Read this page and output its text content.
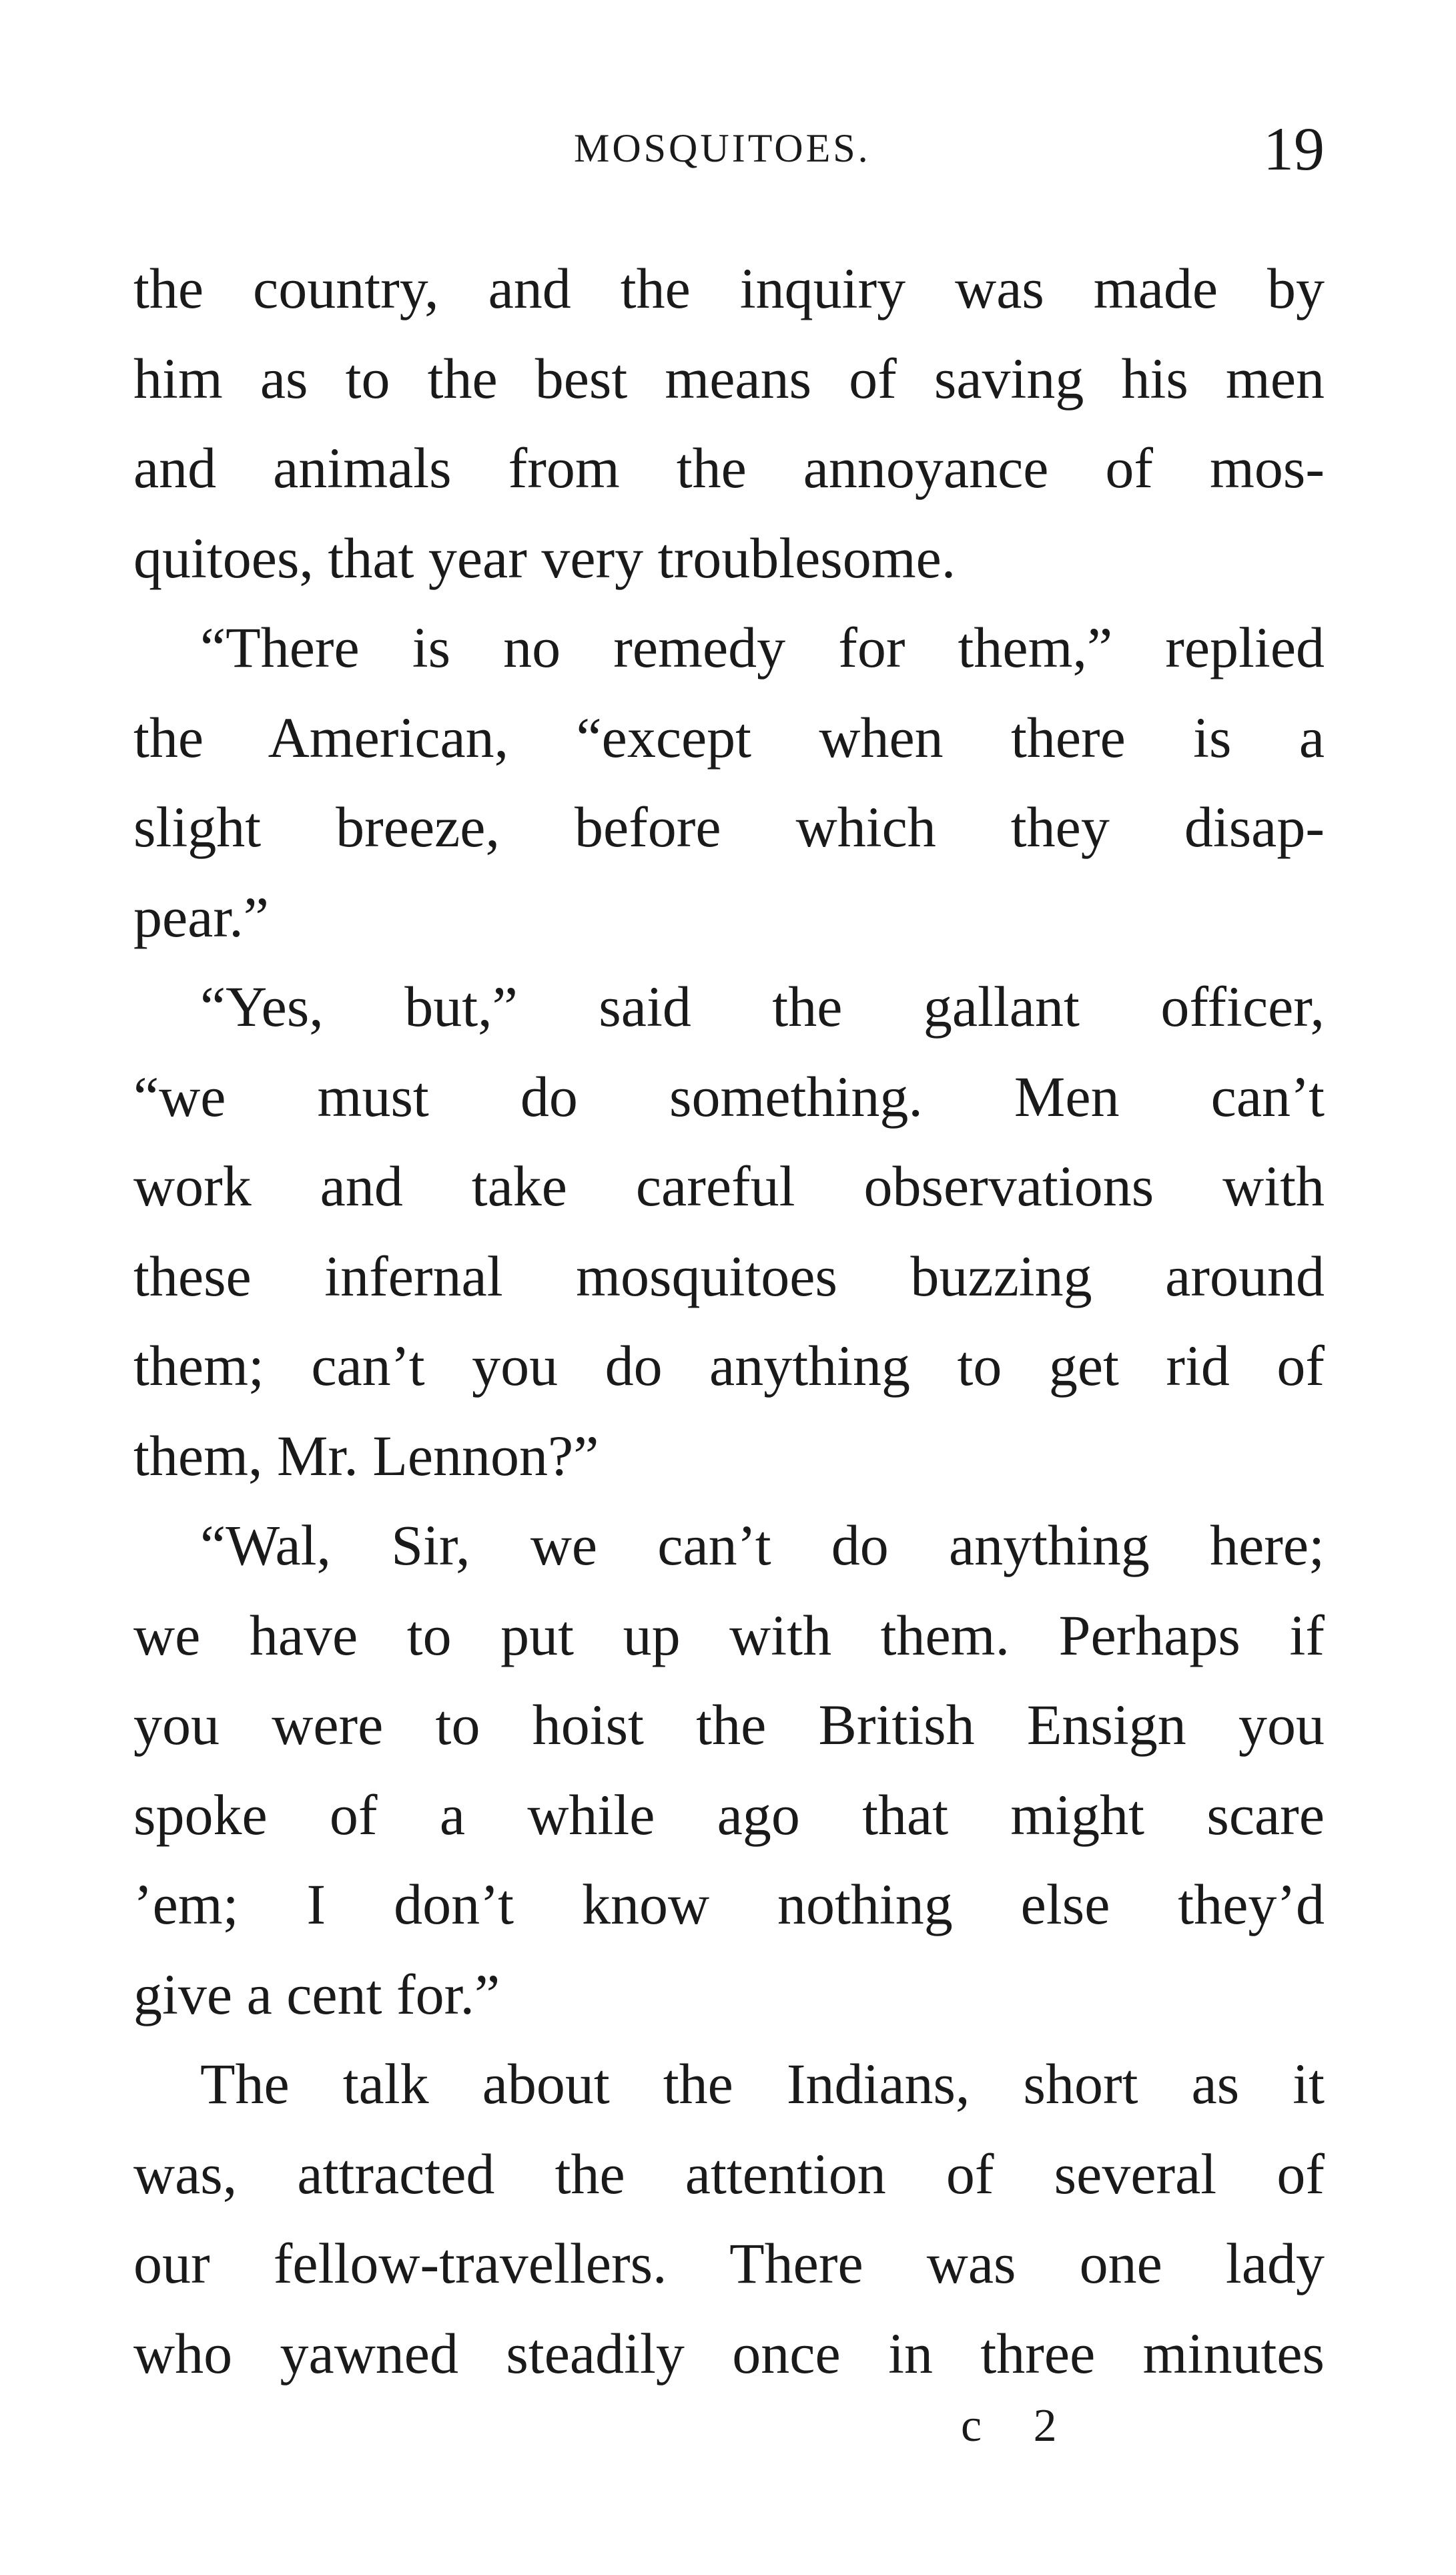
MOSQUITOES.	19
the country, and the inquiry was made by
him as to the best means of saving his men
and animals from the annoyance of mos-
quitoes, that year very troublesome.
“There is no remedy for them,” replied
the American, “except when there is a
slight breeze, before which they disap-
pear.”
“Yes, but,” said the gallant officer,
“we must do something. Men can’t
work and take careful observations with
these infernal mosquitoes buzzing around
them; can’t you do anything to get rid of
them, Mr. Lennon?”
“Wal, Sir, we can’t do anything here;
we have to put up with them. Perhaps if
you were to hoist the British Ensign you
spoke of a while ago that might scare
’em; I don’t know nothing else they’d
give a cent for.”
The talk about the Indians, short as it
was, attracted the attention of several of
our fellow-travellers. There was one lady
who yawned steadily once in three minutes
c 2
